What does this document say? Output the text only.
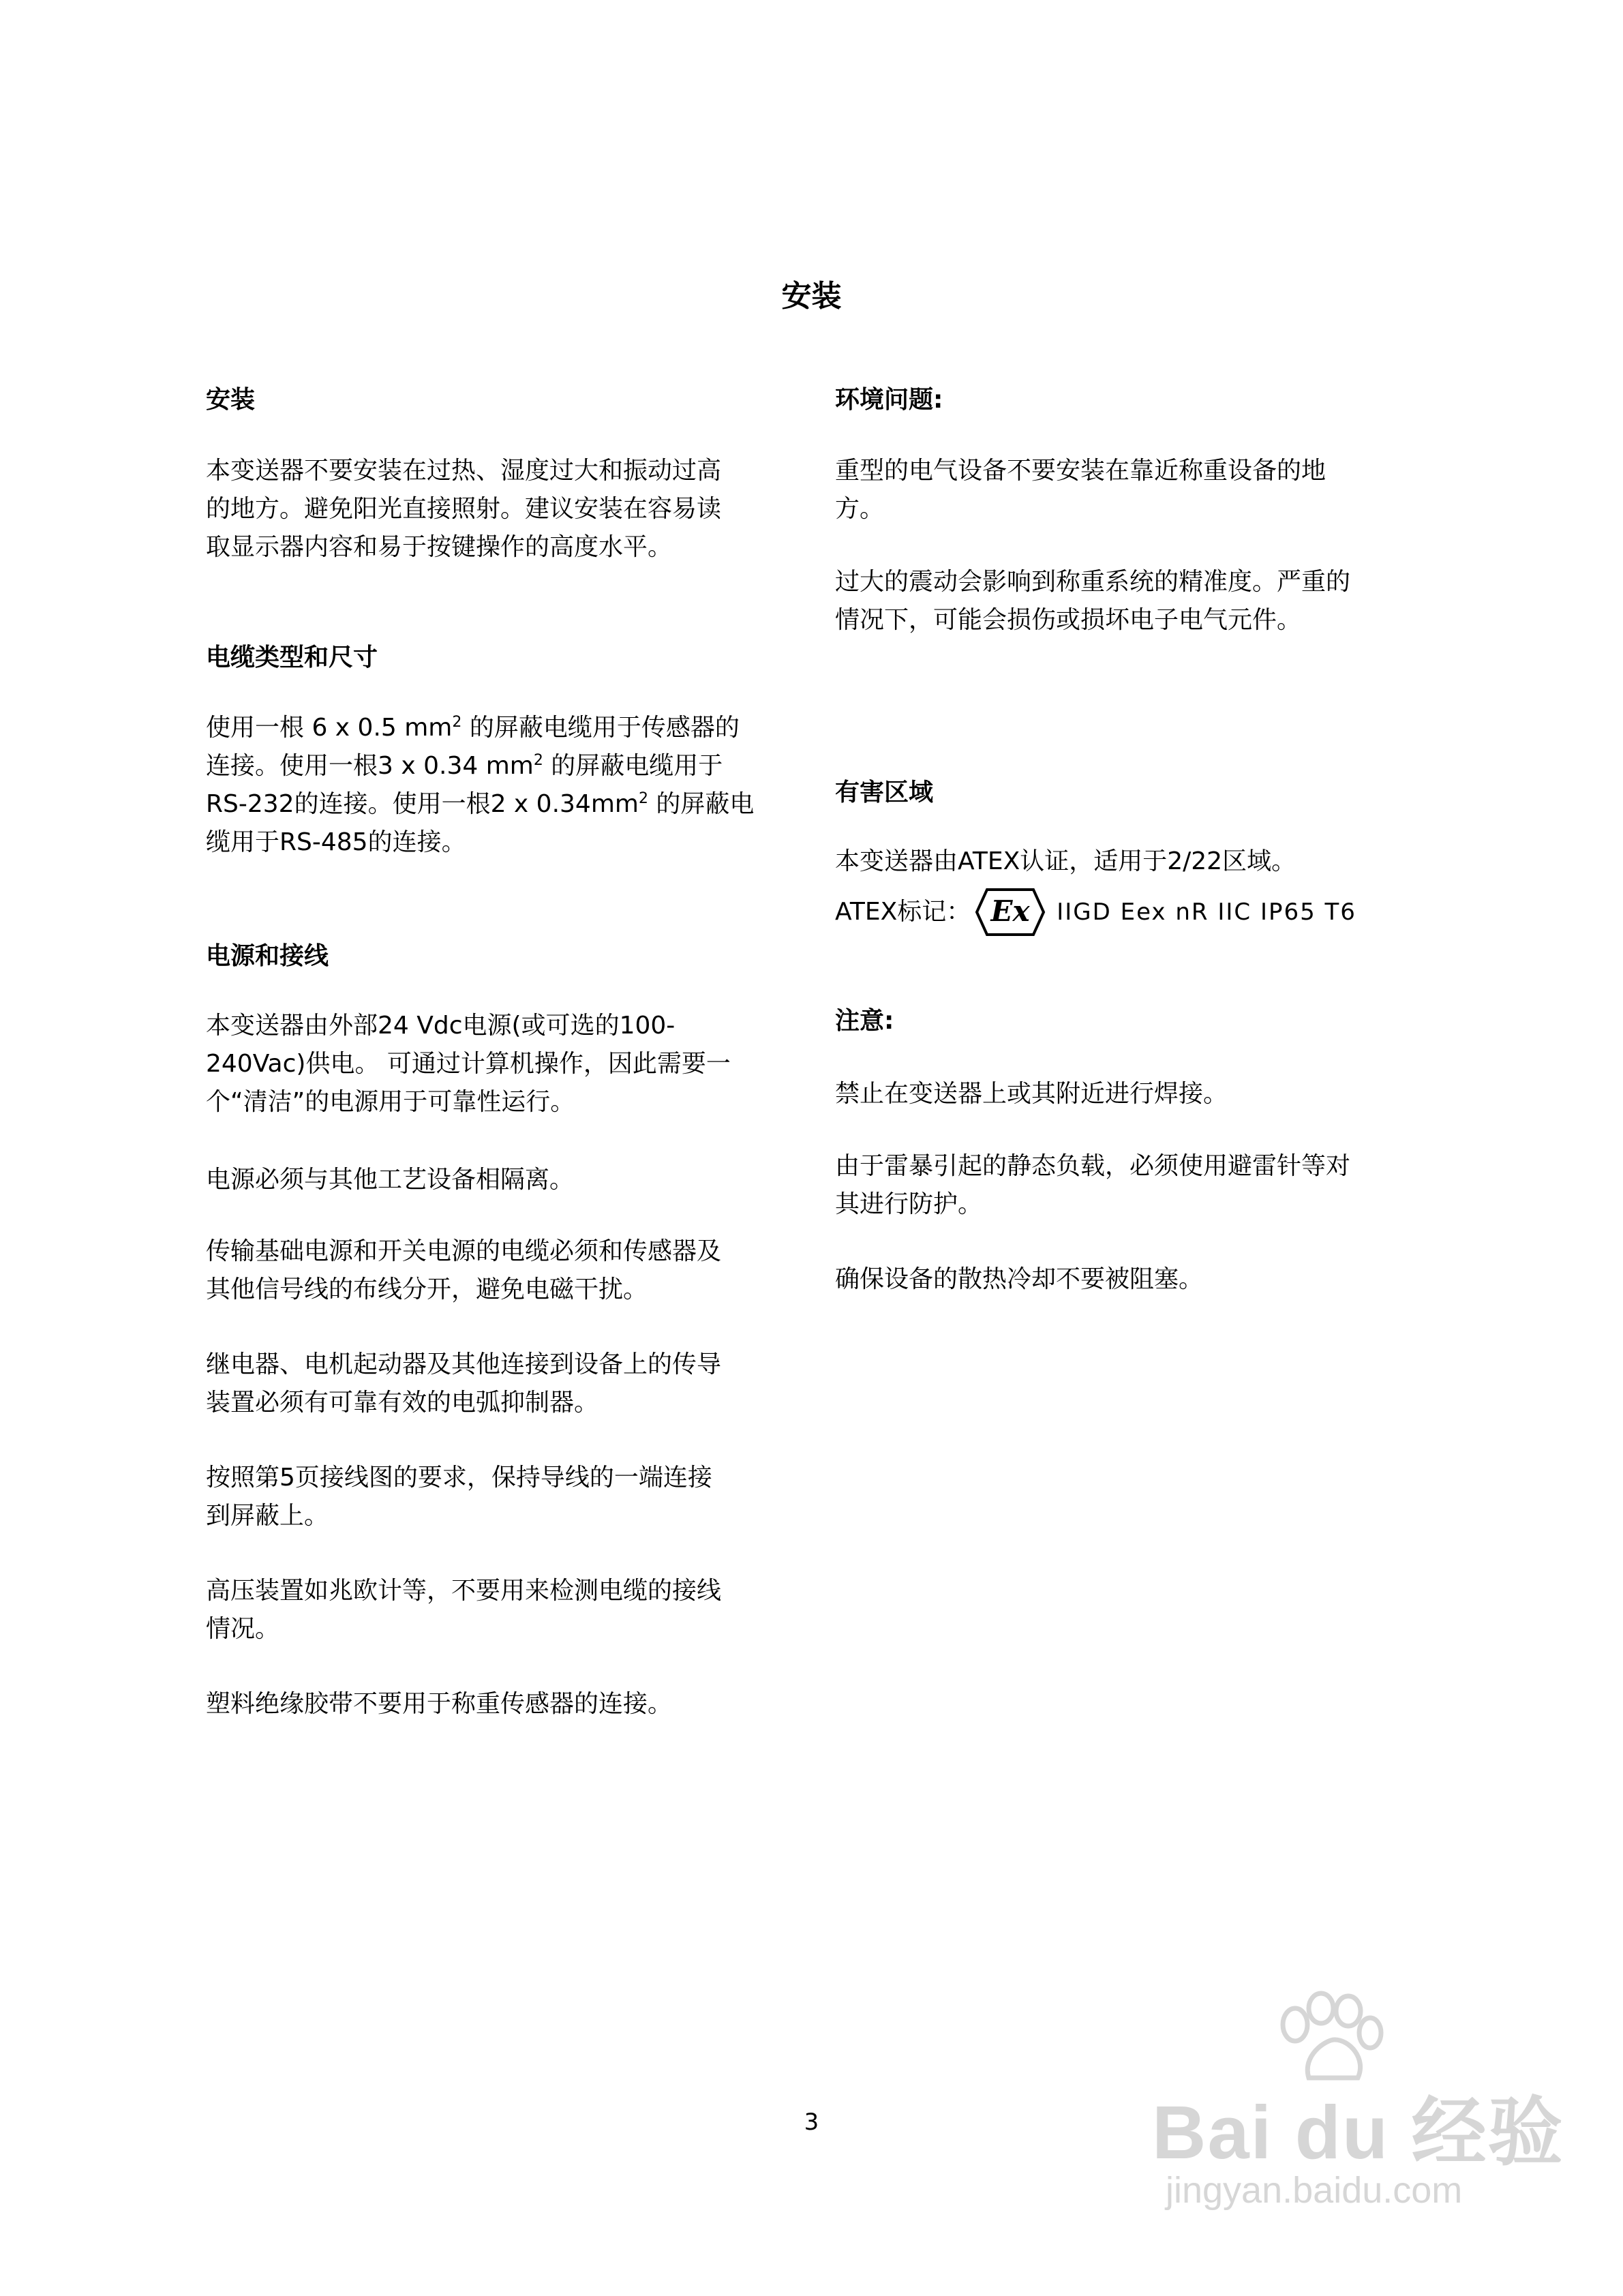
安装
安装
本变送器不要安装在过热、湿度过大和振动过高
的地方。避免阳光直接照射。建议安装在容易读
取显示器内容和易于按键操作的高度水平。
电缆类型和尺寸
使用一根 6 x 0.5 $mm^2$ 的屏蔽电缆用于传感器的
连接。使用一根3 x 0.34 $mm^2$ 的屏蔽电缆用于
RS-232的连接。使用一根2 x $0.34mm^2$ 的屏蔽电
缆用于RS-485的连接。
电源和接线
本变送器由外部24 Vdc电源(或可选的100-
240Vac)供电。 可通过计算机操作，因此需要一
个“清洁”的电源用于可靠性运行。
电源必须与其他工艺设备相隔离。
传输基础电源和开关电源的电缆必须和传感器及
其他信号线的布线分开，避免电磁干扰。
继电器、电机起动器及其他连接到设备上的传导
装置必须有可靠有效的电弧抑制器。
按照第5页接线图的要求，保持导线的一端连接
到屏蔽上。
高压装置如兆欧计等，不要用来检测电缆的接线
情况。
塑料绝缘胶带不要用于称重传感器的连接。
环境问题:
重型的电气设备不要安装在靠近称重设备的地
方。
过大的震动会影响到称重系统的精准度。严重的
情况下，可能会损伤或损坏电子电气元件。
有害区域
本变送器由ATEX认证，适用于2/22区域。
ATEX标记： Ex IIGD Eex nR IIC IP65 T6
注意:
禁止在变送器上或其附近进行焊接。
由于雷暴引起的静态负载，必须使用避雷针等对
其进行防护。
确保设备的散热冷却不要被阻塞。
3	Bai du 经验
jingyan.baidu.com
